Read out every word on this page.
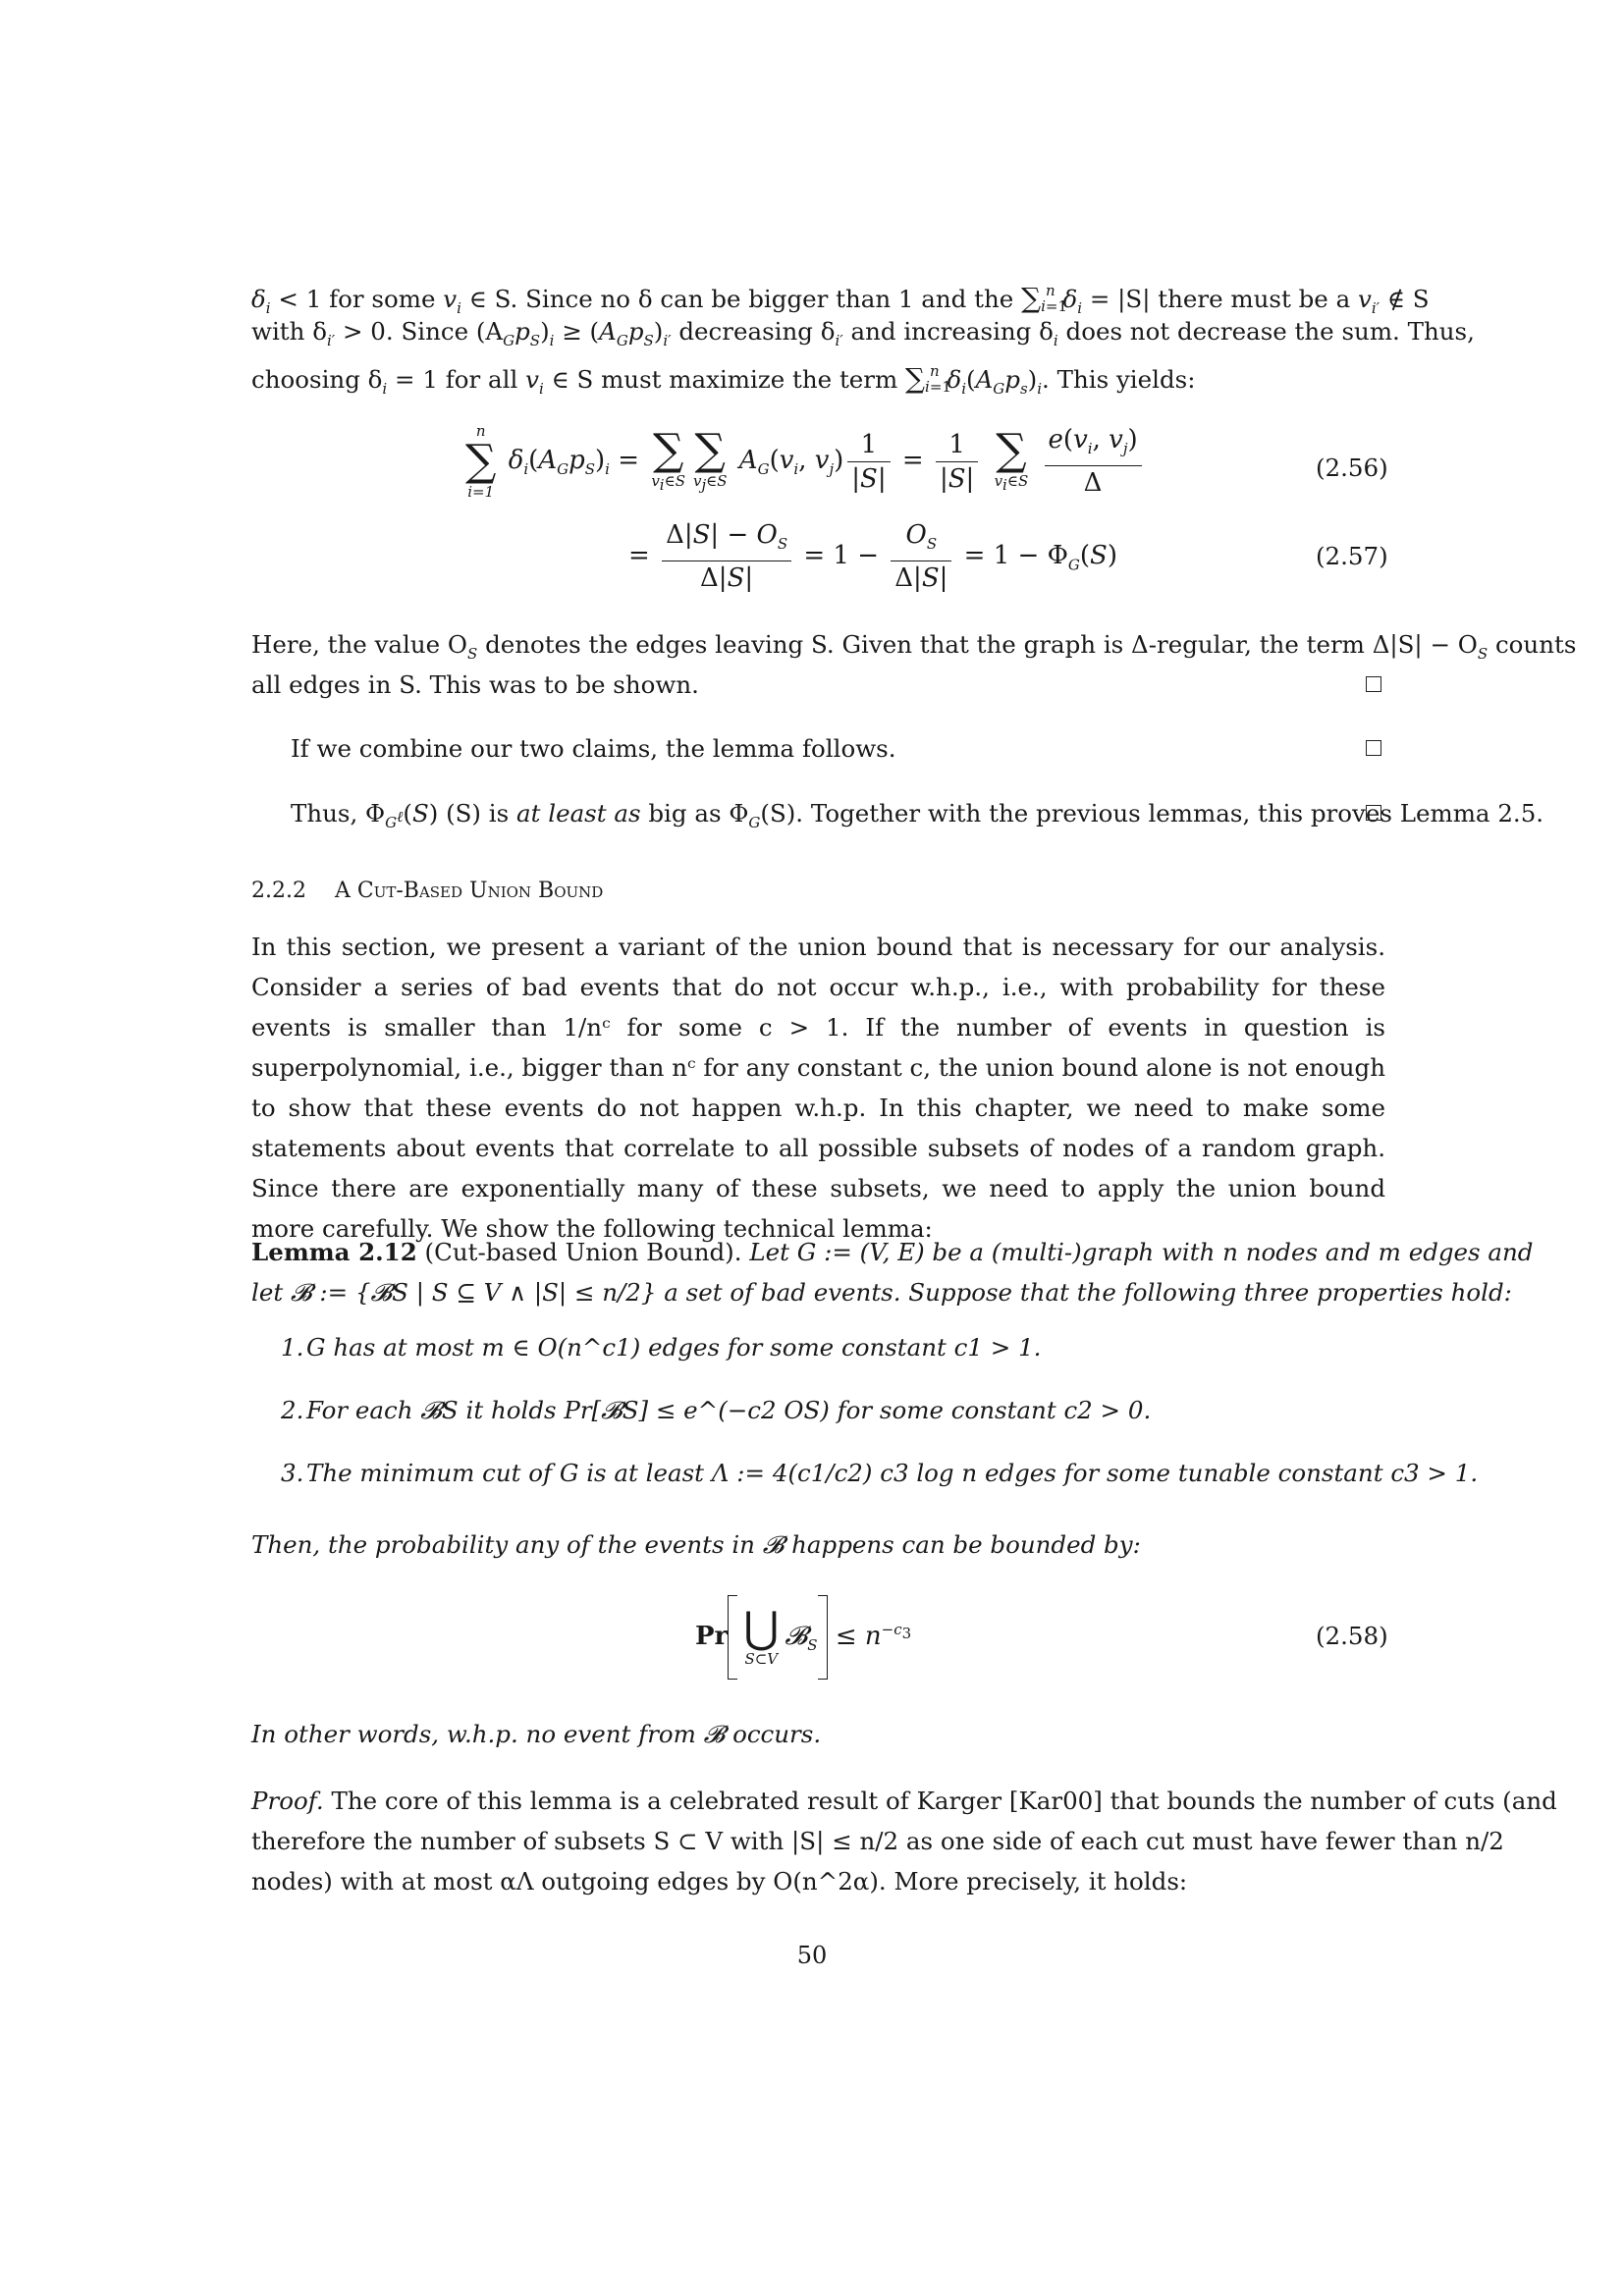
$\delta_i < 1$ for some $v_i$ ∈ S. Since no δ can be bigger than 1 and the $\sum_{i=1}^n$ $\delta_i = |S|$ there must be a $v_{i'}$ ∉ S
with $\delta_{i'} > 0$. Since $(A_Gp_S)_i \ge (A_Gp_S)_{i'}$ decreasing $\delta_{i'}$ and increasing $\delta_i$ does not decrease the sum. Thus,
choosing $\delta_i = 1$ for all $v_i$ ∈ S must maximize the term $\sum_{i=1}^n$ $\delta_i(A_Gp_s)_i$. This yields:
n
∑
i=1
$\delta_i(A_Gp_S)_i$ = ∑
$v_i\in S$
∑
$v_j\in S$
$A_G(v_i$, $v_j) \frac{1}{|S|} = \frac{1}{|S|}$
∑
$v_i\in S$
$\frac{e(v_i, v_j)}{\Delta}$	(2.56)
= $\frac{\Delta|S| - O_S}{\Delta|S|} = 1 - \frac{O_S}{\Delta|S|} = 1 - \Phi_G(S)$	(2.57)
Here, the value $O_S$ denotes the edges leaving S. Given that the graph is Δ-regular, the term $\Delta|S| - O_S$ counts
all edges in S. This was to be shown.
If we combine our two claims, the lemma follows.
Thus, $\Phi_{G^\ell}(S)$ (S) is at least as big as $\Phi_G(S)$. Together with the previous lemmas, this proves Lemma 2.5.
2.2.2 A Cut-Based Union Bound
In this section, we present a variant of the union bound that is necessary for our analysis. Consider a series of bad events that do not occur w.h.p., i.e., with probability for these events is smaller than 1/nᶜ for some c > 1. If the number of events in question is superpolynomial, i.e., bigger than nᶜ for any constant c, the union bound alone is not enough to show that these events do not happen w.h.p. In this chapter, we need to make some statements about events that correlate to all possible subsets of nodes of a random graph. Since there are exponentially many of these subsets, we need to apply the union bound more carefully. We show the following technical lemma:
Lemma 2.12 (Cut-based Union Bound). Let G := (V, E) be a (multi-)graph with n nodes and m edges and
let 𝓑 := {𝓑S | S ⊆ V ∧ |S| ≤ n/2} a set of bad events. Suppose that the following three properties hold:
1. G has at most m ∈ O(n^c1) edges for some constant c1 > 1.
2. For each 𝓑S it holds Pr[𝓑S] ≤ e^(−c2 OS) for some constant c2 > 0.
3. The minimum cut of G is at least Λ := 4(c1/c2) c3 log n edges for some tunable constant c3 > 1.
Then, the probability any of the events in 𝓑 happens can be bounded by:
Pr ⋃
S⊂V
𝓑$_S$ ≤ $n^{-c_3}$	(2.58)
In other words, w.h.p. no event from 𝓑 occurs.
Proof. The core of this lemma is a celebrated result of Karger [Kar00] that bounds the number of cuts (and
therefore the number of subsets S ⊂ V with |S| ≤ n/2 as one side of each cut must have fewer than n/2
nodes) with at most αΛ outgoing edges by O(n^2α). More precisely, it holds:
50
